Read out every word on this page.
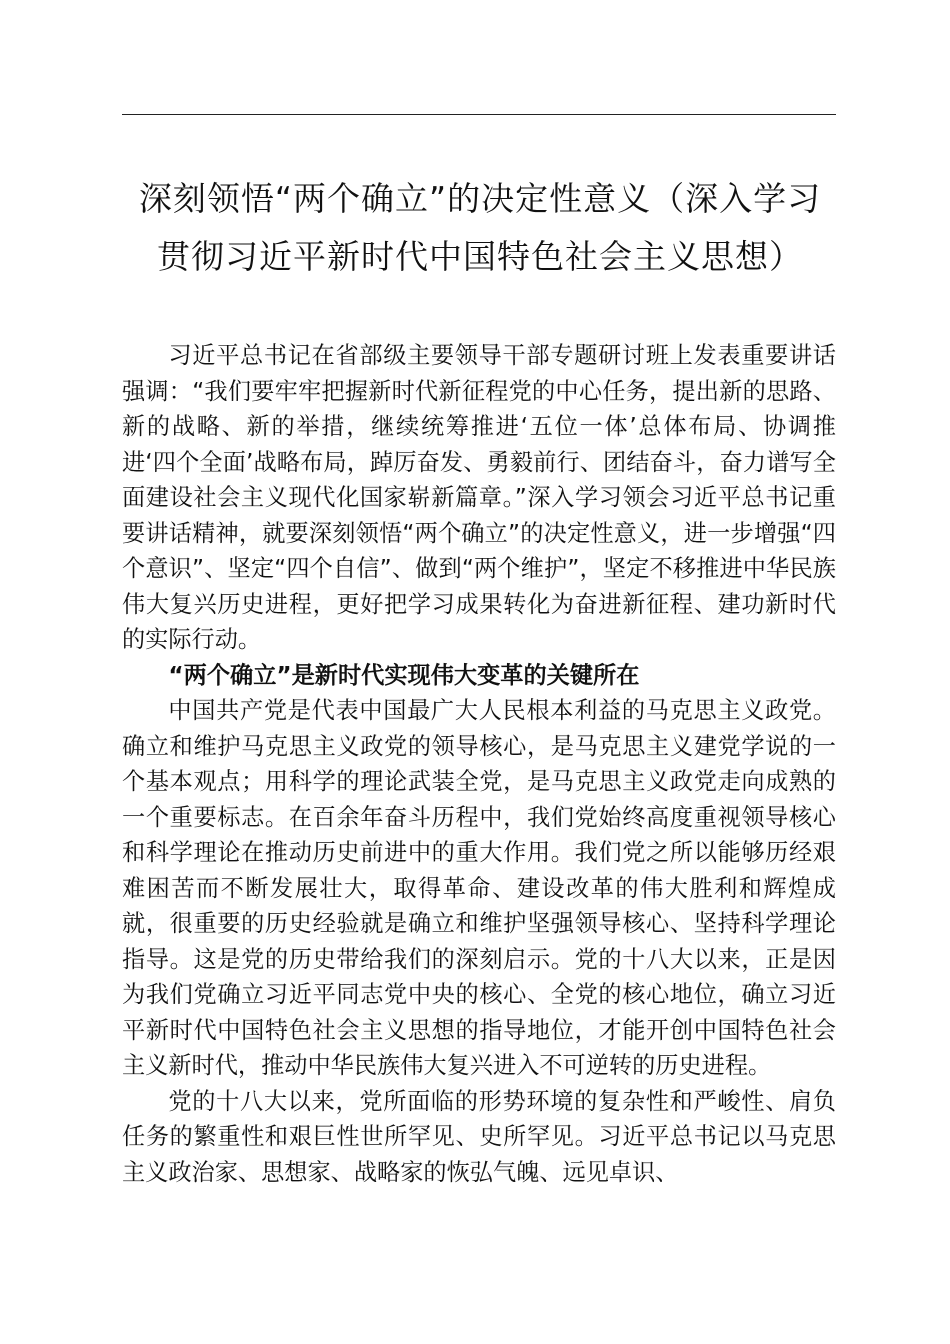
深刻领悟“两个确立”的决定性意义（深入学习
贯彻习近平新时代中国特色社会主义思想）

习近平总书记在省部级主要领导干部专题研讨班上发表重要讲话强调：“我们要牢牢把握新时代新征程党的中心任务，提出新的思路、新的战略、新的举措，继续统筹推进‘五位一体’总体布局、协调推进‘四个全面’战略布局，踔厉奋发、勇毅前行、团结奋斗，奋力谱写全面建设社会主义现代化国家崭新篇章。”深入学习领会习近平总书记重要讲话精神，就要深刻领悟“两个确立”的决定性意义，进一步增强“四个意识”、坚定“四个自信”、做到“两个维护”，坚定不移推进中华民族伟大复兴历史进程，更好把学习成果转化为奋进新征程、建功新时代的实际行动。

“两个确立”是新时代实现伟大变革的关键所在

中国共产党是代表中国最广大人民根本利益的马克思主义政党。确立和维护马克思主义政党的领导核心，是马克思主义建党学说的一个基本观点；用科学的理论武装全党，是马克思主义政党走向成熟的一个重要标志。在百余年奋斗历程中，我们党始终高度重视领导核心和科学理论在推动历史前进中的重大作用。我们党之所以能够历经艰难困苦而不断发展壮大，取得革命、建设改革的伟大胜利和辉煌成就，很重要的历史经验就是确立和维护坚强领导核心、坚持科学理论指导。这是党的历史带给我们的深刻启示。党的十八大以来，正是因为我们党确立习近平同志党中央的核心、全党的核心地位，确立习近平新时代中国特色社会主义思想的指导地位，才能开创中国特色社会主义新时代，推动中华民族伟大复兴进入不可逆转的历史进程。

党的十八大以来，党所面临的形势环境的复杂性和严峻性、肩负任务的繁重性和艰巨性世所罕见、史所罕见。习近平总书记以马克思主义政治家、思想家、战略家的恢弘气魄、远见卓识、
